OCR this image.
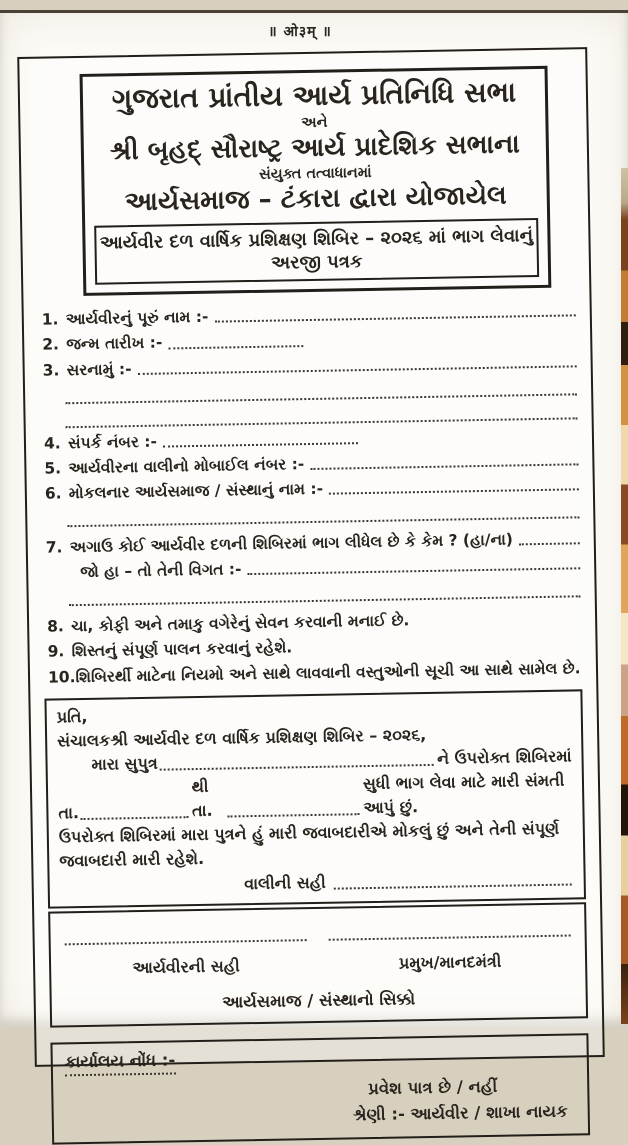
॥ ओ३म् ॥
ગુજરાત પ્રાંતીય આર્ય પ્રતિનિધિ સભા
અને
શ્રી બૃહદ્ સૌરાષ્ટ્ર આર્ય પ્રાદેશિક સભાના
સંયુક્ત તત્વાધાનમાં
આર્યસમાજ – ટંકારા દ્વારા યોજાયેલ
આર્યવીર દળ વાર્ષિક પ્રશિક્ષણ શિબિર – ૨૦૨૬ માં ભાગ લેવાનું અરજી પત્રક
1. આર્યવીરનું પૂરું નામ :-
2. જન્મ તારીખ :-
3. સરનામું :-
4. સંપર્ક નંબર :-
5. આર્યવીરના વાલીનો મોબાઈલ નંબર :-
6. મોકલનાર આર્યસમાજ / સંસ્થાનું નામ :-
7. અગાઉ કોઈ આર્યવીર દળની શિબિરમાં ભાગ લીધેલ છે કે કેમ ? (હા/ના)
જો હા – તો તેની વિગત :-
8. ચા, કોફી અને તમાકુ વગેરેનું સેવન કરવાની મનાઈ છે.
9. શિસ્તનું સંપૂર્ણ પાલન કરવાનું રહેશે.
10. શિબિરર્થી માટેના નિયમો અને સાથે લાવવાની વસ્તુઓની સૂચી આ સાથે સામેલ છે.
પ્રતિ,
સંચાલકશ્રી આર્યવીર દળ વાર્ષિક પ્રશિક્ષણ શિબિર – ૨૦૨૬,
મારા સુપુત્ર	ને ઉપરોક્ત શિબિરમાં
તા.
થી તા.
સુધી ભાગ લેવા માટે મારી સંમતી આપું છું.
ઉપરોક્ત શિબિરમાં મારા પુત્રને હું મારી જવાબદારીએ મોકલું છું અને તેની સંપૂર્ણ જવાબદારી મારી રહેશે.
વાલીની સહી
આર્યવીરની સહી	પ્રમુખ/માનદમંત્રી
આર્યસમાજ / સંસ્થાનો સિક્કો
કાર્યાલય નોંધ :-
પ્રવેશ પાત્ર છે / નહીં
શ્રેણી :- આર્યવીર / શાખા નાયક
